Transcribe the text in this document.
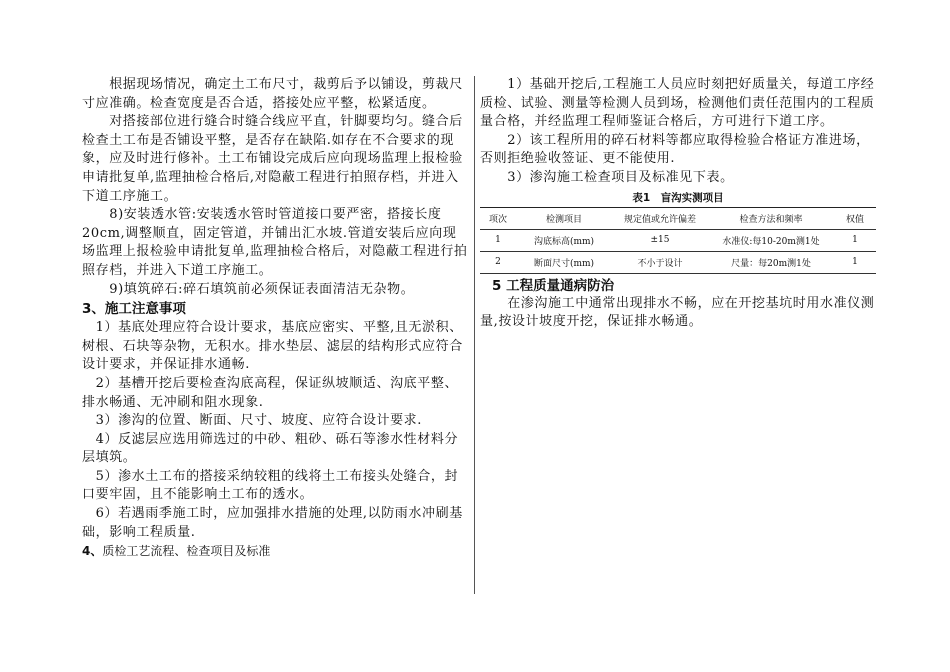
　　根据现场情况，确定土工布尺寸，裁剪后予以铺设，剪裁尺寸应准确。检查宽度是否合适，搭接处应平整，松紧适度。

　　对搭接部位进行缝合时缝合线应平直，针脚要均匀。缝合后检查土工布是否铺设平整，是否存在缺陷.如存在不合要求的现象，应及时进行修补。土工布铺设完成后应向现场监理上报检验申请批复单,监理抽检合格后,对隐蔽工程进行拍照存档，并进入下道工序施工。

　　8)安装透水管:安装透水管时管道接口要严密，搭接长度20cm,调整顺直，固定管道，并铺出汇水坡.管道安装后应向现场监理上报检验申请批复单,监理抽检合格后，对隐蔽工程进行拍照存档，并进入下道工序施工。

　　9)填筑碎石:碎石填筑前必须保证表面清洁无杂物。

3、施工注意事项

　1）基底处理应符合设计要求，基底应密实、平整,且无淤积、树根、石块等杂物，无积水。排水垫层、滤层的结构形式应符合设计要求，并保证排水通畅.

　2）基槽开挖后要检查沟底高程，保证纵坡顺适、沟底平整、排水畅通、无冲刷和阻水现象.

　3）渗沟的位置、断面、尺寸、坡度、应符合设计要求.

　4）反滤层应选用筛选过的中砂、粗砂、砾石等渗水性材料分层填筑。

　5）渗水土工布的搭接采纳较粗的线将土工布接头处缝合，封口要牢固，且不能影响土工布的透水。

　6）若遇雨季施工时，应加强排水措施的处理,以防雨水冲刷基础，影响工程质量.

4、质检工艺流程、检查项目及标准

　　1）基础开挖后,工程施工人员应时刻把好质量关，每道工序经质检、试验、测量等检测人员到场，检测他们责任范围内的工程质量合格，并经监理工程师鉴证合格后，方可进行下道工序。

　　2）该工程所用的碎石材料等都应取得检验合格证方准进场，否则拒绝验收签证、更不能使用.

　　3）渗沟施工检查项目及标准见下表。

表1　盲沟实测项目
项次	检测项目	规定值或允许偏差	检查方法和频率	权值
1	沟底标高(mm)	±15	水准仪:每10-20m测1处	1
2	断面尺寸(mm)	不小于设计	尺量：每20m测1处	1

5 工程质量通病防治

　　在渗沟施工中通常出现排水不畅，应在开挖基坑时用水准仪测量,按设计坡度开挖，保证排水畅通。
